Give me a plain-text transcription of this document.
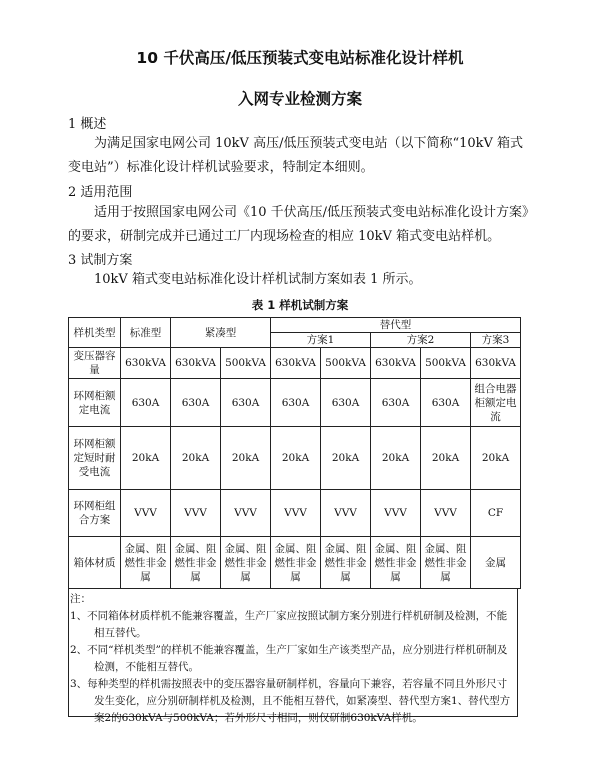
10 千伏高压/低压预装式变电站标准化设计样机
入网专业检测方案
1 概述
为满足国家电网公司 10kV 高压/低压预装式变电站（以下简称“10kV 箱式变电站”）标准化设计样机试验要求，特制定本细则。
2 适用范围
适用于按照国家电网公司《10 千伏高压/低压预装式变电站标准化设计方案》的要求，研制完成并已通过工厂内现场检查的相应 10kV 箱式变电站样机。
3 试制方案
10kV 箱式变电站标准化设计样机试制方案如表 1 所示。
表 1 样机试制方案
样机类型	标准型	紧凑型		替代型				
				方案1		方案2		方案3
变压器容量	630kVA	630kVA	500kVA	630kVA	500kVA	630kVA	500kVA	630kVA
环网柜额定电流	630A	630A	630A	630A	630A	630A	630A	组合电器柜额定电流
环网柜额定短时耐受电流	20kA	20kA	20kA	20kA	20kA	20kA	20kA	20kA
环网柜组合方案	VVV	VVV	VVV	VVV	VVV	VVV	VVV	CF
箱体材质	金属、阻燃性非金属	金属、阻燃性非金属	金属、阻燃性非金属	金属、阻燃性非金属	金属、阻燃性非金属	金属、阻燃性非金属	金属、阻燃性非金属	金属
注：
1、不同箱体材质样机不能兼容覆盖，生产厂家应按照试制方案分别进行样机研制及检测，不能相互替代。
2、不同“样机类型”的样机不能兼容覆盖，生产厂家如生产该类型产品，应分别进行样机研制及检测，不能相互替代。
3、每种类型的样机需按照表中的变压器容量研制样机，容量向下兼容，若容量不同且外形尺寸发生变化，应分别研制样机及检测，且不能相互替代，如紧凑型、替代型方案1、替代型方案2的630kVA与500kVA；若外形尺寸相同，则仅研制630kVA样机。
